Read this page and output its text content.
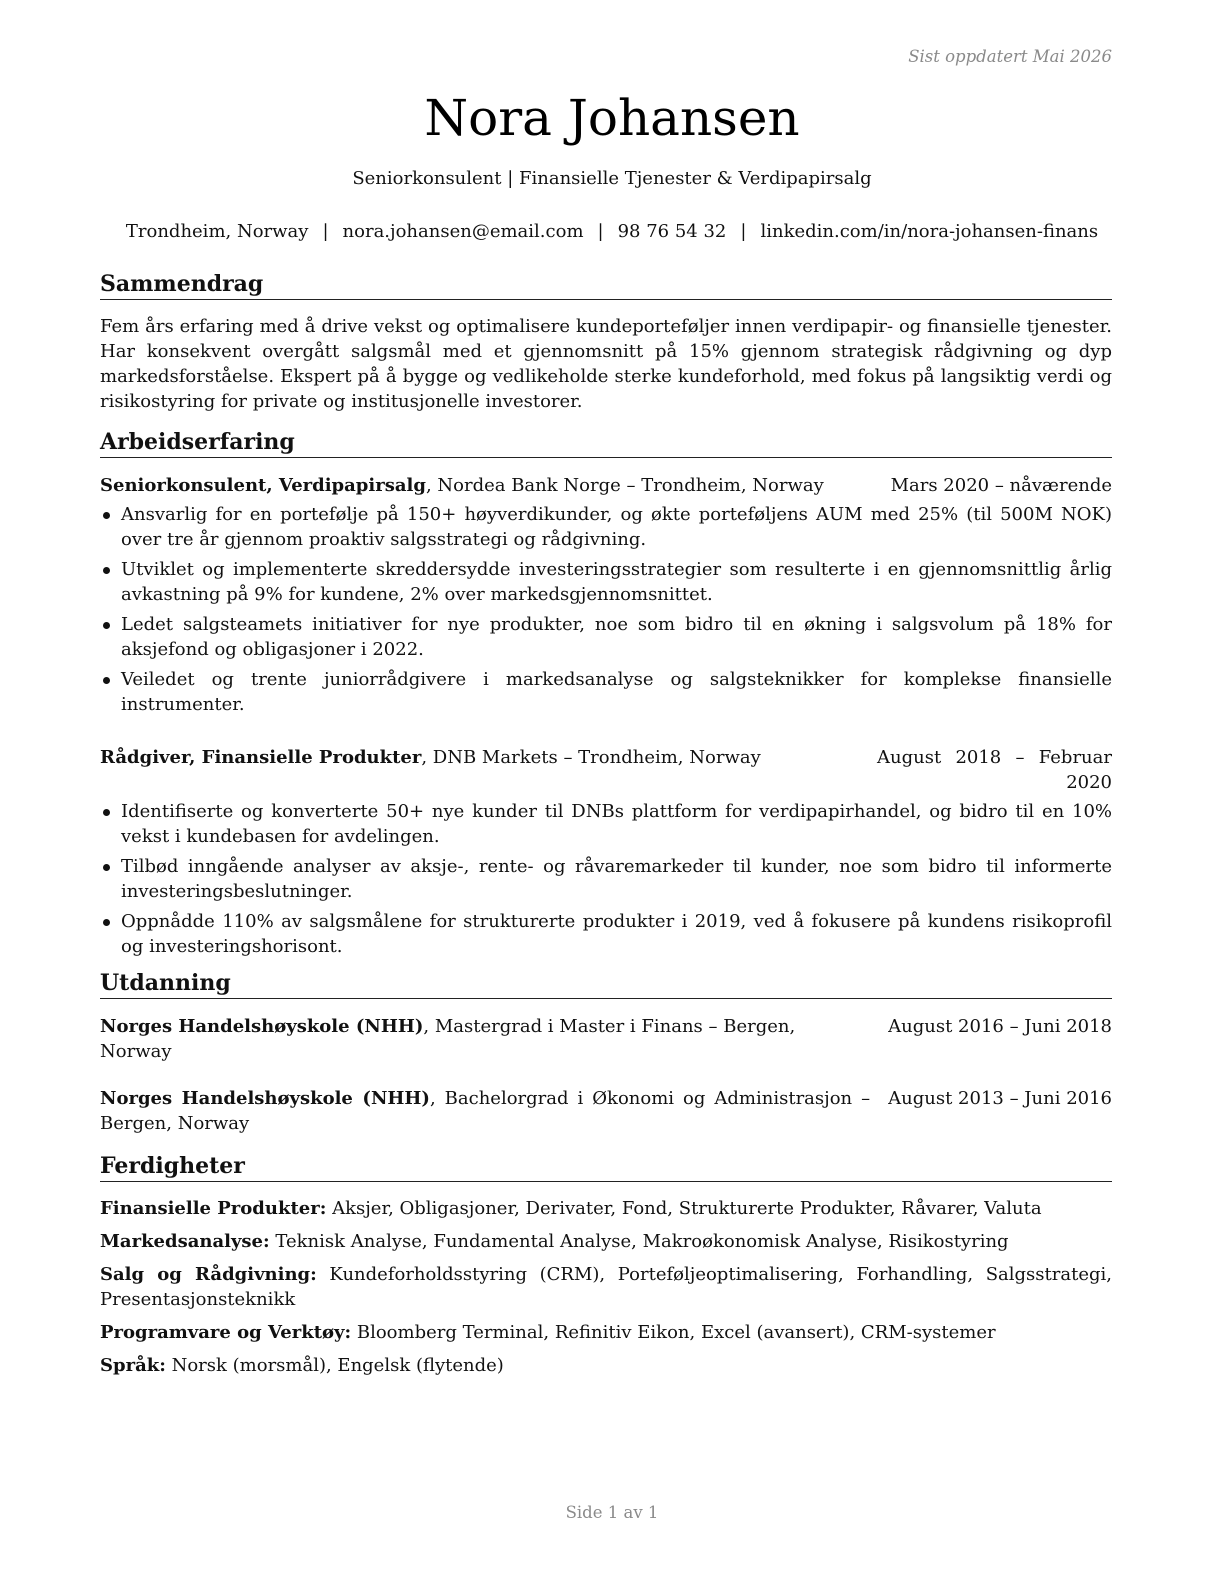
Sist oppdatert Mai 2026
Nora Johansen
Seniorkonsulent | Finansielle Tjenester & Verdipapirsalg
Trondheim, Norway | nora.johansen@email.com | 98 76 54 32 | linkedin.com/in/nora-johansen-finans
Sammendrag

Fem års erfaring med å drive vekst og optimalisere kundeporteføljer innen verdipapir- og finansielle tjenester. Har konsekvent overgått salgsmål med et gjennomsnitt på 15% gjennom strategisk rådgivning og dyp markedsforståelse. Ekspert på å bygge og vedlikeholde sterke kundeforhold, med fokus på langsiktig verdi og risikostyring for private og institusjonelle investorer.

Arbeidserfaring
Seniorkonsulent, Verdipapirsalg, Nordea Bank Norge – Trondheim, Norway	Mars 2020 – nåværende
Ansvarlig for en portefølje på 150+ høyverdikunder, og økte porteføljens AUM med 25% (til 500M NOK) over tre år gjennom proaktiv salgsstrategi og rådgivning.
Utviklet og implementerte skreddersydde investeringsstrategier som resulterte i en gjennomsnittlig årlig avkastning på 9% for kundene, 2% over markedsgjennomsnittet.
Ledet salgsteamets initiativer for nye produkter, noe som bidro til en økning i salgsvolum på 18% for aksjefond og obligasjoner i 2022.
Veiledet og trente juniorrådgivere i markedsanalyse og salgsteknikker for komplekse finansielle instrumenter.
Rådgiver, Finansielle Produkter, DNB Markets – Trondheim, Norway	August 2018 – Februar 2020
Identifiserte og konverterte 50+ nye kunder til DNBs plattform for verdipapirhandel, og bidro til en 10% vekst i kundebasen for avdelingen.
Tilbød inngående analyser av aksje-, rente- og råvaremarkeder til kunder, noe som bidro til informerte investeringsbeslutninger.
Oppnådde 110% av salgsmålene for strukturerte produkter i 2019, ved å fokusere på kundens risikoprofil og investeringshorisont.
Utdanning
Norges Handelshøyskole (NHH), Mastergrad i Master i Finans – Bergen, Norway
August 2016 – Juni 2018
Norges Handelshøyskole (NHH), Bachelorgrad i Økonomi og Administrasjon – Bergen, Norway
August 2013 – Juni 2016
Ferdigheter
Finansielle Produkter: Aksjer, Obligasjoner, Derivater, Fond, Strukturerte Produkter, Råvarer, Valuta
Markedsanalyse: Teknisk Analyse, Fundamental Analyse, Makroøkonomisk Analyse, Risikostyring
Salg og Rådgivning: Kundeforholdsstyring (CRM), Porteføljeoptimalisering, Forhandling, Salgsstrategi, Presentasjonsteknikk
Programvare og Verktøy: Bloomberg Terminal, Refinitiv Eikon, Excel (avansert), CRM-systemer
Språk: Norsk (morsmål), Engelsk (flytende)
Side 1 av 1
